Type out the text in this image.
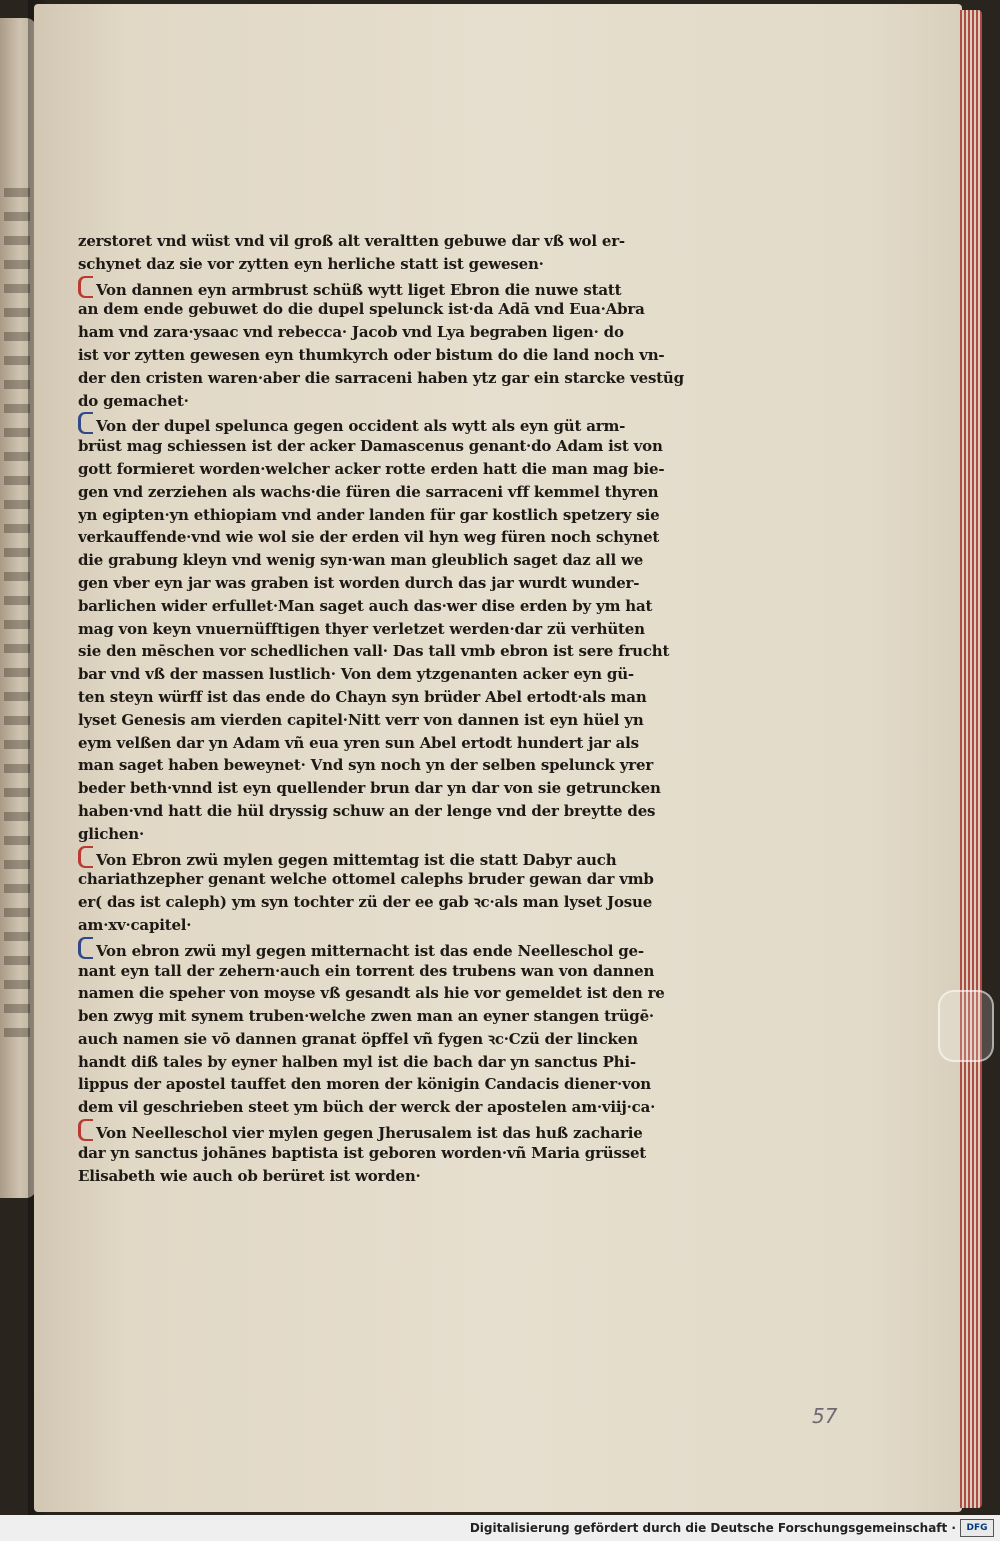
zerstoret vnd wüst vnd vil groß alt veraltten gebuwe dar vß wol er-
schynet daz sie vor zytten eyn herliche statt ist gewesen·
Von dannen eyn armbrust schüß wytt liget Ebron die nuwe statt
an dem ende gebuwet do die dupel spelunck ist·da Adā vnd Eua·Abra
ham vnd zara·ysaac vnd rebecca· Jacob vnd Lya begraben ligen· do
ist vor zytten gewesen eyn thumkyrch oder bistum do die land noch vn-
der den cristen waren·aber die sarraceni haben ytz gar ein starcke vestūg
do gemachet·
Von der dupel spelunca gegen occident als wytt als eyn güt arm-
brüst mag schiessen ist der acker Damascenus genant·do Adam ist von
gott formieret worden·welcher acker rotte erden hatt die man mag bie-
gen vnd zerziehen als wachs·die füren die sarraceni vff kemmel thyren
yn egipten·yn ethiopiam vnd ander landen für gar kostlich spetzery sie
verkauffende·vnd wie wol sie der erden vil hyn weg füren noch schynet
die grabung kleyn vnd wenig syn·wan man gleublich saget daz all we
gen vber eyn jar was graben ist worden durch das jar wurdt wunder-
barlichen wider erfullet·Man saget auch das·wer dise erden by ym hat
mag von keyn vnuernüfftigen thyer verletzet werden·dar zü verhüten
sie den mēschen vor schedlichen vall· Das tall vmb ebron ist sere frucht
bar vnd vß der massen lustlich· Von dem ytzgenanten acker eyn gü-
ten steyn würff ist das ende do Chayn syn brüder Abel ertodt·als man
lyset Genesis am vierden capitel·Nitt verr von dannen ist eyn hüel yn
eym velßen dar yn Adam vñ eua yren sun Abel ertodt hundert jar als
man saget haben beweynet· Vnd syn noch yn der selben spelunck yrer
beder beth·vnnd ist eyn quellender brun dar yn dar von sie getruncken
haben·vnd hatt die hül dryssig schuw an der lenge vnd der breytte des
glichen·
Von Ebron zwü mylen gegen mittemtag ist die statt Dabyr auch
chariathzepher genant welche ottomel calephs bruder gewan dar vmb
er( das ist caleph) ym syn tochter zü der ee gab ꝛc·als man lyset Josue
am·xv·capitel·
Von ebron zwü myl gegen mitternacht ist das ende Neelleschol ge-
nant eyn tall der zehern·auch ein torrent des trubens wan von dannen
namen die speher von moyse vß gesandt als hie vor gemeldet ist den re
ben zwyg mit synem truben·welche zwen man an eyner stangen trügē·
auch namen sie vō dannen granat öpffel vñ fygen ꝛc·Czü der lincken
handt diß tales by eyner halben myl ist die bach dar yn sanctus Phi-
lippus der apostel tauffet den moren der königin Candacis diener·von
dem vil geschrieben steet ym büch der werck der apostelen am·viij·ca·
Von Neelleschol vier mylen gegen Jherusalem ist das huß zacharie
dar yn sanctus johānes baptista ist geboren worden·vñ Maria grüsset
Elisabeth wie auch ob berüret ist worden·
57
Digitalisierung gefördert durch die Deutsche Forschungsgemeinschaft ·	DFG
